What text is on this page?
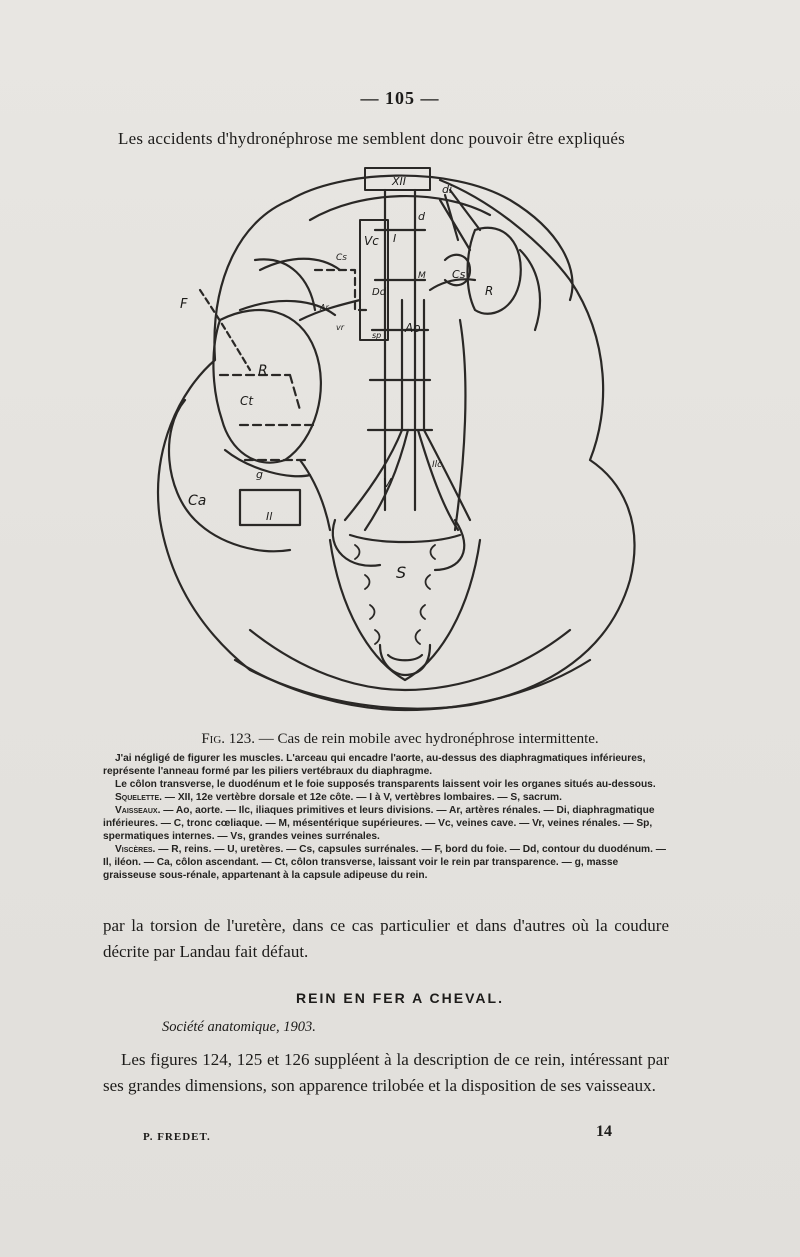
— 105 —
Les accidents d'hydronéphrose me semblent donc pouvoir être expliqués
XII
di
d
Vc I
Cs
M Cs
R
Dd
Ar
vr
sp
Ao
F
R
Ct
g
Ilc
V
Ca
Il
S
Fig. 123. — Cas de rein mobile avec hydronéphrose intermittente.

J'ai négligé de figurer les muscles. L'arceau qui encadre l'aorte, au-dessus des diaphragmatiques inférieures, représente l'anneau formé par les piliers vertébraux du diaphragme.

Le côlon transverse, le duodénum et le foie supposés transparents laissent voir les organes situés au-dessous.

Squelette. — XII, 12e vertèbre dorsale et 12e côte. — I à V, vertèbres lombaires. — S, sacrum.

Vaisseaux. — Ao, aorte. — Ilc, iliaques primitives et leurs divisions. — Ar, artères rénales. — Di, diaphragmatique inférieures. — C, tronc cœliaque. — M, mésentérique supérieures. — Vc, veines cave. — Vr, veines rénales. — Sp, spermatiques internes. — Vs, grandes veines surrénales.

Viscères. — R, reins. — U, uretères. — Cs, capsules surrénales. — F, bord du foie. — Dd, contour du duodénum. — Il, iléon. — Ca, côlon ascendant. — Ct, côlon transverse, laissant voir le rein par transparence. — g, masse graisseuse sous-rénale, appartenant à la capsule adipeuse du rein.

par la torsion de l'uretère, dans ce cas particulier et dans d'autres où la coudure décrite par Landau fait défaut.

REIN EN FER A CHEVAL.
Société anatomique, 1903.

Les figures 124, 125 et 126 suppléent à la description de ce rein, intéressant par ses grandes dimensions, son apparence trilobée et la disposition de ses vaisseaux.

P. FREDET.	14
